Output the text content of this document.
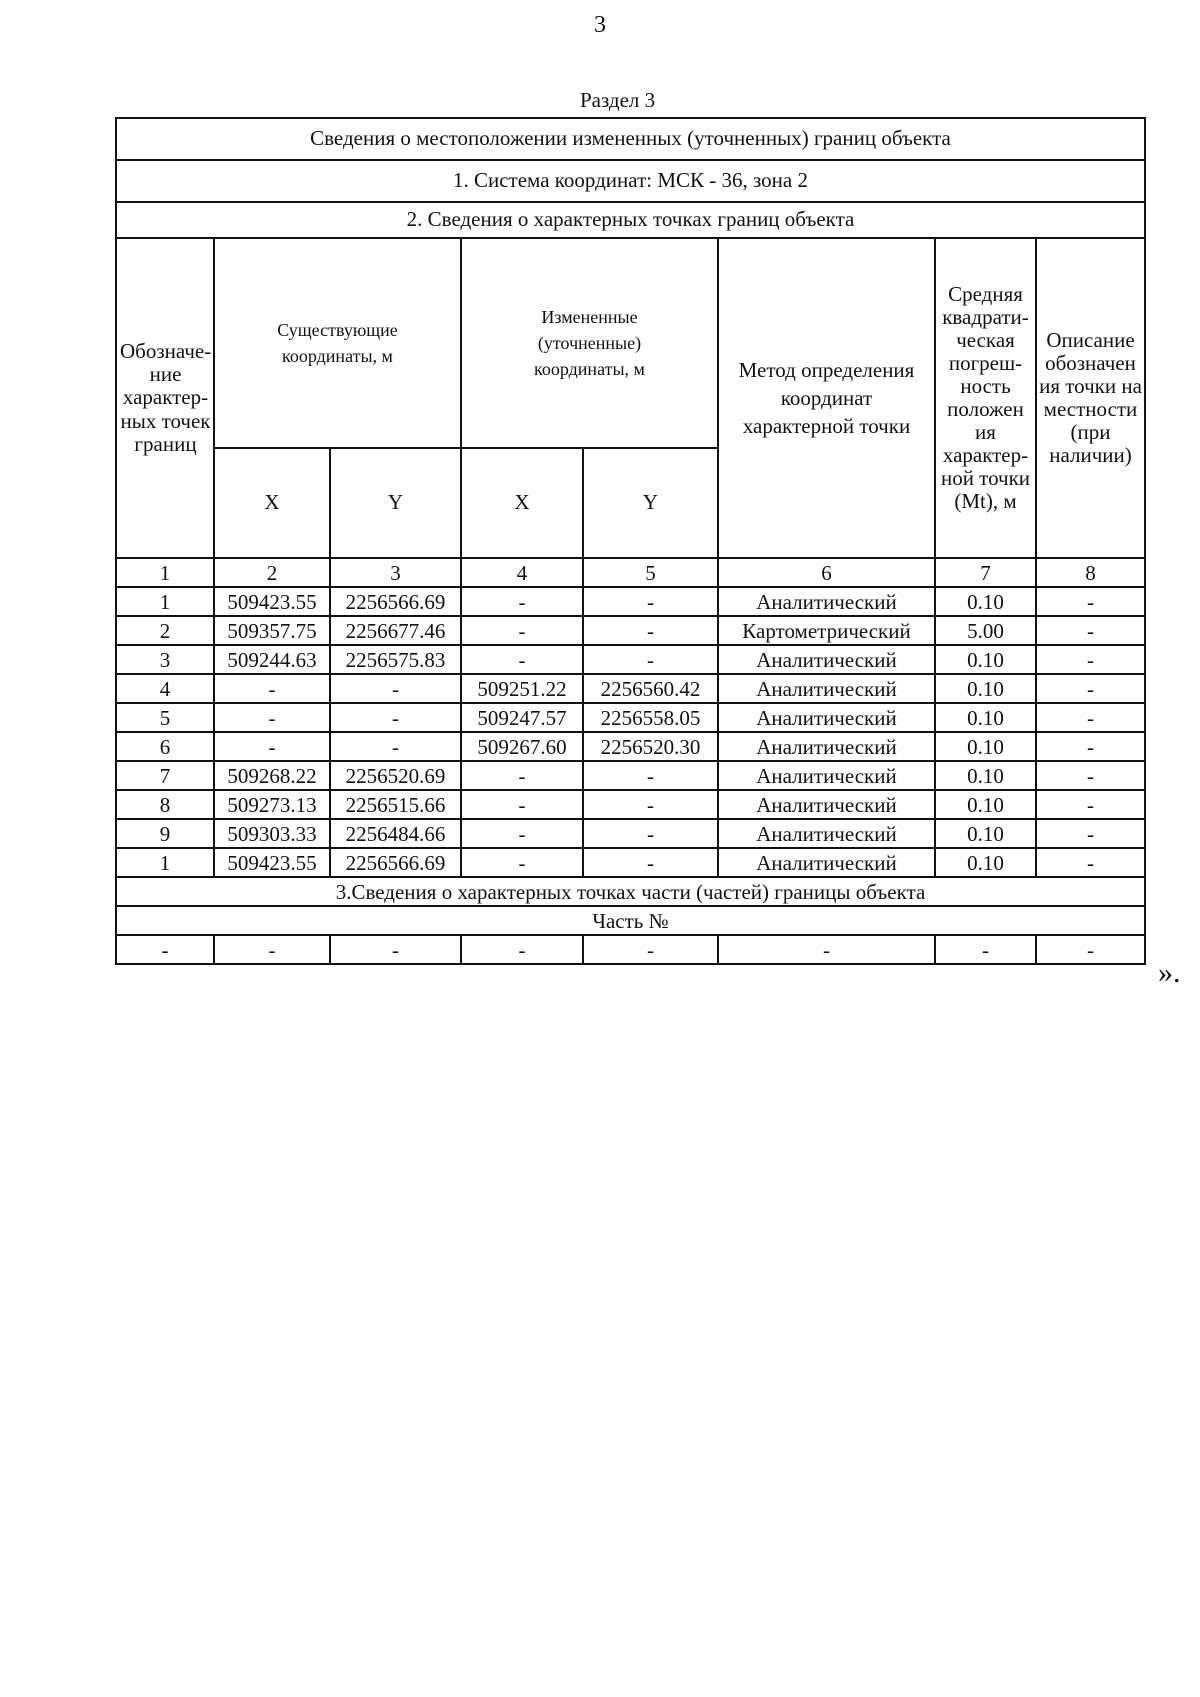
3
Раздел 3
Сведения о местоположении измененных (уточненных) границ объекта							
1. Система координат: МСК - 36, зона 2							
2. Сведения о характерных точках границ объекта							
Обозначе-ние характер-ных точек границ	Существующие координаты, м		Измененные (уточненные) координаты, м		Метод определения координат характерной точки	Средняя квадрати-ческая погреш-ность положен ия характер-ной точки (Mt), м	Описание обозначен ия точки на местности (при наличии)
	X	Y	X	Y			
1	2	3	4	5	6	7	8
1	509423.55	2256566.69	-	-	Аналитический	0.10	-
2	509357.75	2256677.46	-	-	Картометрический	5.00	-
3	509244.63	2256575.83	-	-	Аналитический	0.10	-
4	-	-	509251.22	2256560.42	Аналитический	0.10	-
5	-	-	509247.57	2256558.05	Аналитический	0.10	-
6	-	-	509267.60	2256520.30	Аналитический	0.10	-
7	509268.22	2256520.69	-	-	Аналитический	0.10	-
8	509273.13	2256515.66	-	-	Аналитический	0.10	-
9	509303.33	2256484.66	-	-	Аналитический	0.10	-
1	509423.55	2256566.69	-	-	Аналитический	0.10	-
3.Сведения о характерных точках части (частей) границы объекта							
Часть №							
-	-	-	-	-	-	-	-
».
